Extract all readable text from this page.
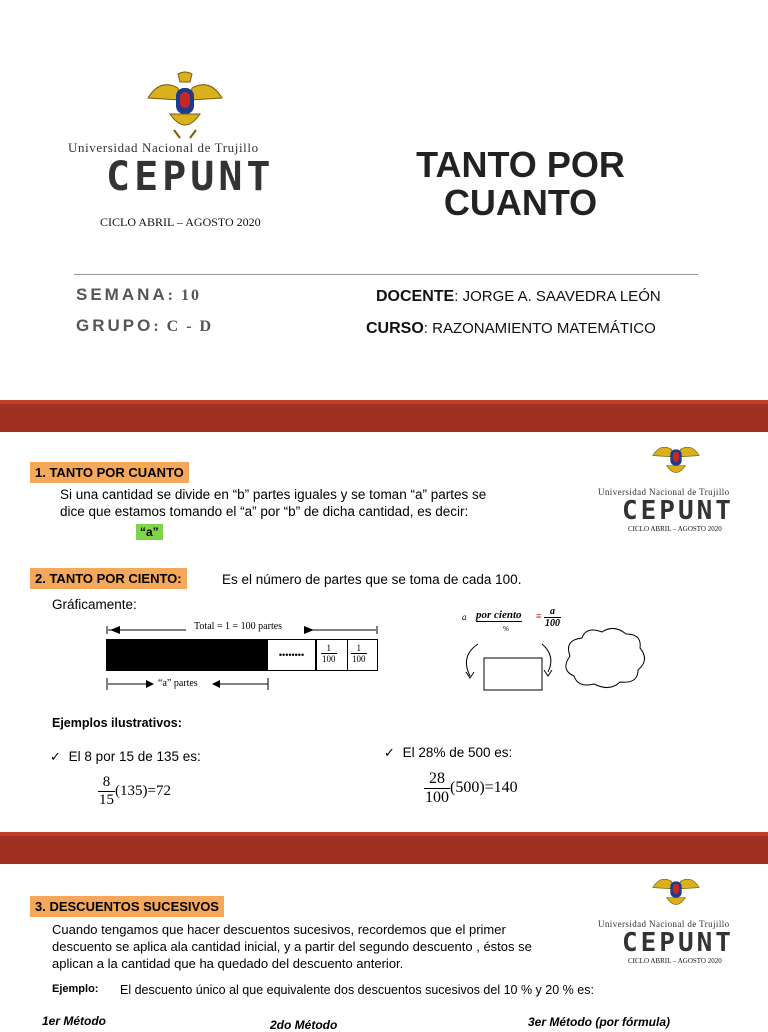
Universidad Nacional de Trujillo
CEPUNT
CICLO ABRIL – AGOSTO 2020
TANTO POR
CUANTO
SEMANA: 10
GRUPO: C - D
DOCENTE: JORGE A. SAAVEDRA LEÓN
CURSO: RAZONAMIENTO MATEMÁTICO
1. TANTO POR CUANTO
Si una cantidad se divide en “b” partes iguales y se toman “a” partes se
dice que estamos tomando el “a” por “b” de dicha cantidad, es decir:
“a”
Universidad Nacional de Trujillo
CEPUNT
CICLO ABRIL – AGOSTO 2020
2. TANTO POR CIENTO:	Es el número de partes que se toma de cada 100.
Gráficamente:
Total = 1 = 100 partes
••••••••	$\frac{1}{100} \frac{1}{100}$
“a” partes
a por ciento
%
≡ $\frac{a}{100}$
Ejemplos ilustrativos:
✓ El 8 por 15 de 135 es:
$\frac{8}{15} (135)=72$
✓ El 28% de 500 es:
$\frac{28}{100} (500)=140$
3. DESCUENTOS SUCESIVOS
Cuando tengamos que hacer descuentos sucesivos, recordemos que el primer
descuento se aplica ala cantidad inicial, y a partir del segundo descuento , éstos se
aplican a la cantidad que ha quedado del descuento anterior.
Ejemplo: El descuento único al que equivalente dos descuentos sucesivos del 10 % y 20 % es:
1er Método	2do Método	3er Método (por fórmula)
Universidad Nacional de Trujillo
CEPUNT
CICLO ABRIL – AGOSTO 2020
